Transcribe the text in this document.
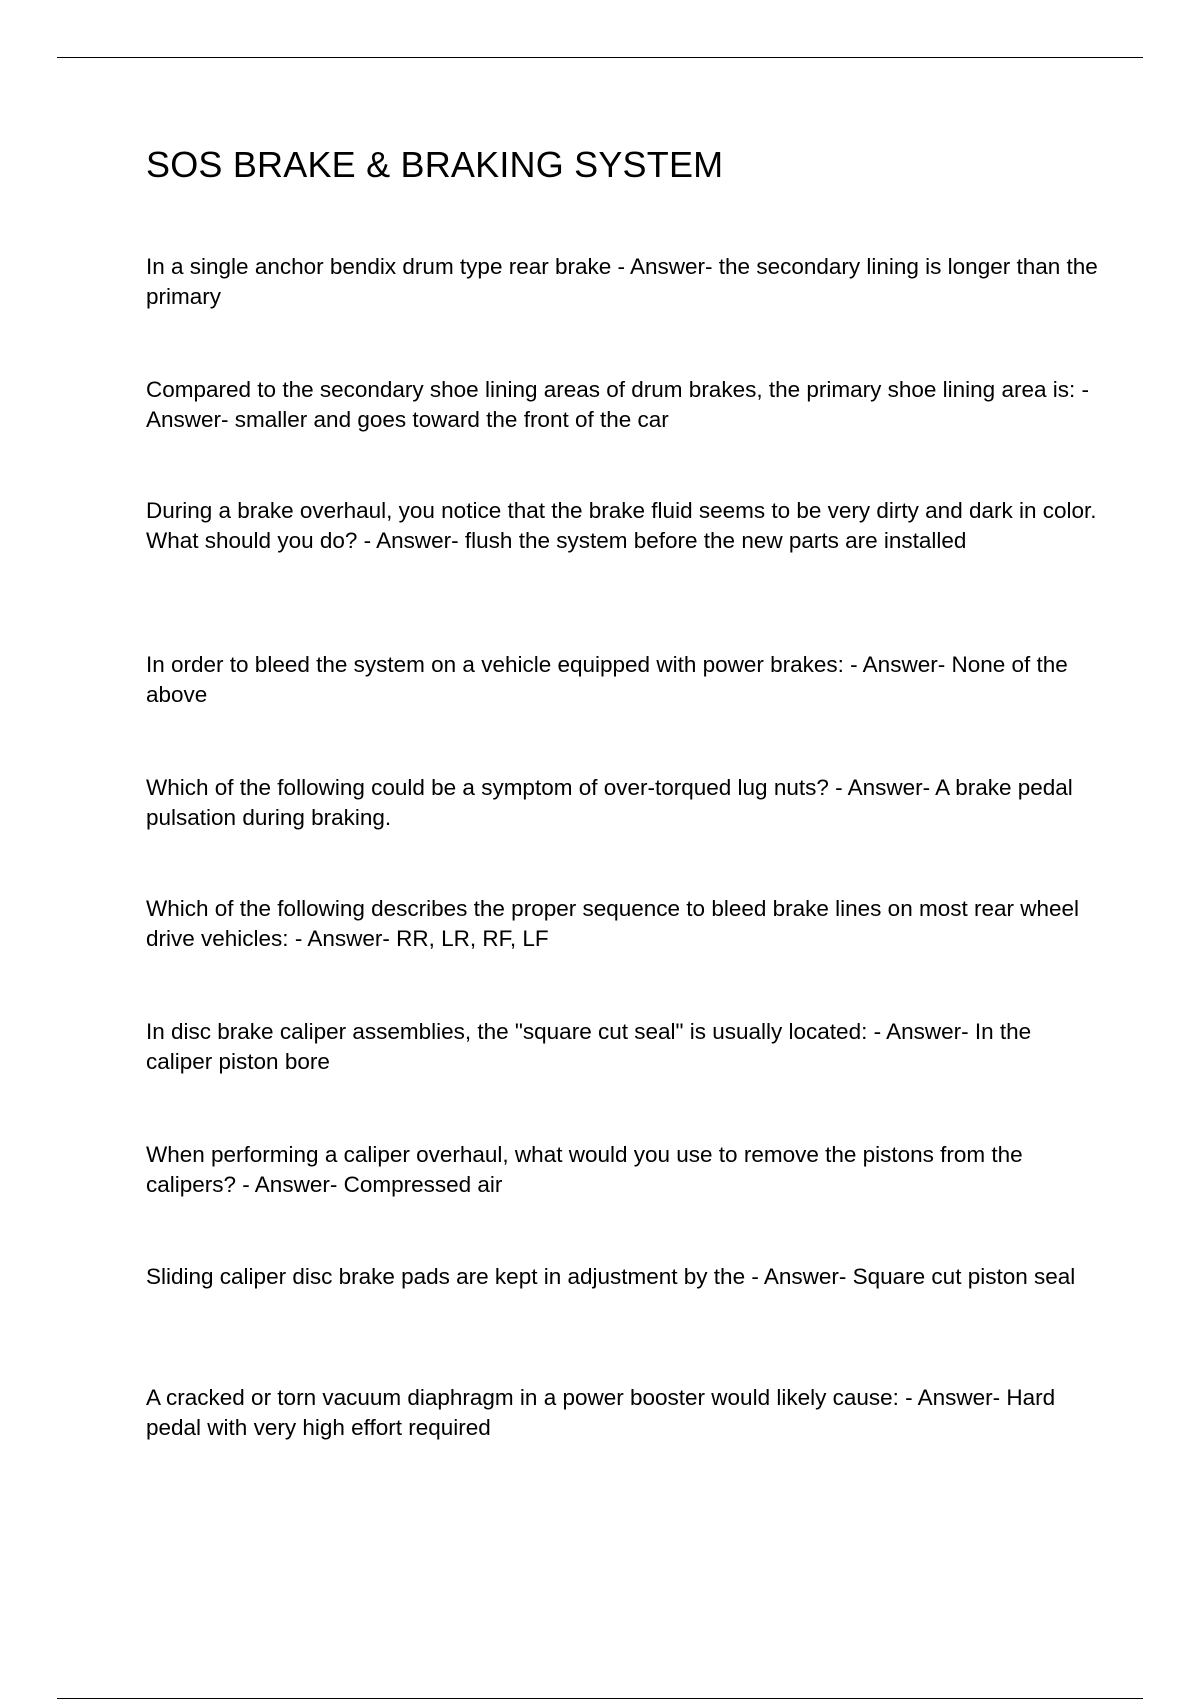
SOS BRAKE & BRAKING SYSTEM

In a single anchor bendix drum type rear brake - Answer- the secondary lining is longer than the primary

Compared to the secondary shoe lining areas of drum brakes, the primary shoe lining area is: - Answer- smaller and goes toward the front of the car

During a brake overhaul, you notice that the brake fluid seems to be very dirty and dark in color. What should you do? - Answer- flush the system before the new parts are installed

In order to bleed the system on a vehicle equipped with power brakes: - Answer- None of the above

Which of the following could be a symptom of over-torqued lug nuts? - Answer- A brake pedal pulsation during braking.

Which of the following describes the proper sequence to bleed brake lines on most rear wheel drive vehicles: - Answer- RR, LR, RF, LF

In disc brake caliper assemblies, the "square cut seal" is usually located: - Answer- In the caliper piston bore

When performing a caliper overhaul, what would you use to remove the pistons from the calipers? - Answer- Compressed air

Sliding caliper disc brake pads are kept in adjustment by the - Answer- Square cut piston seal

A cracked or torn vacuum diaphragm in a power booster would likely cause: - Answer- Hard pedal with very high effort required
